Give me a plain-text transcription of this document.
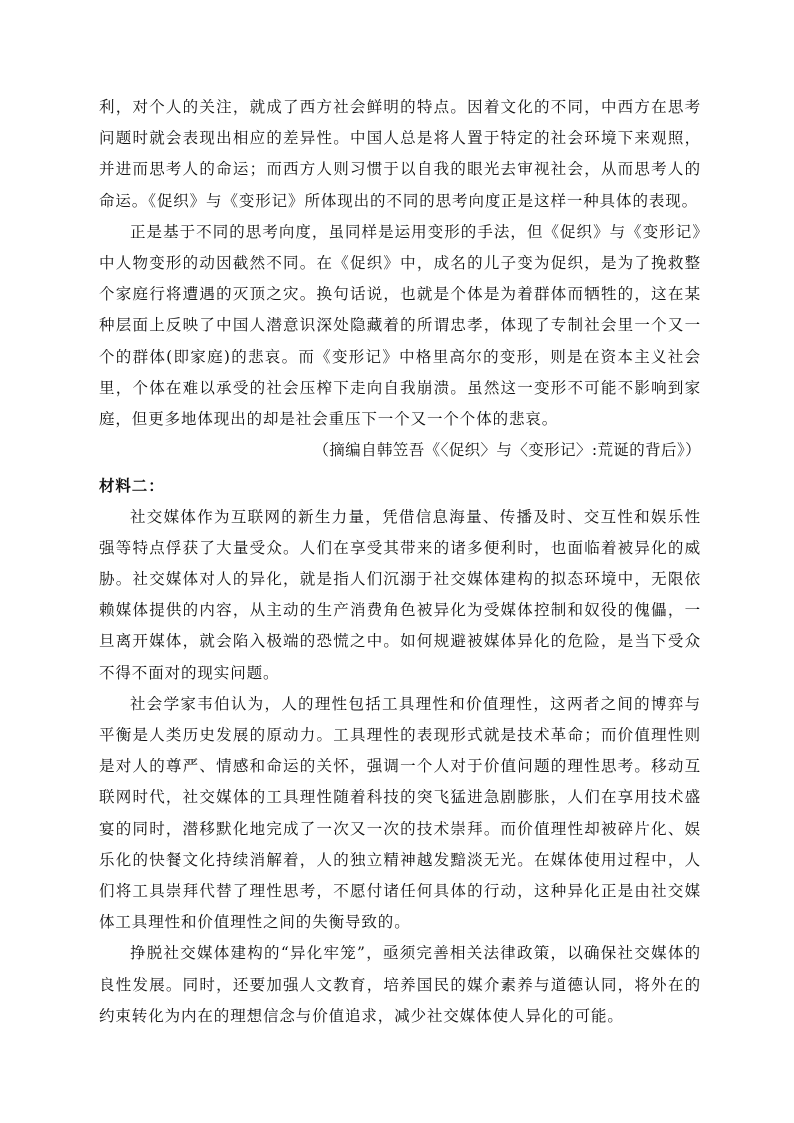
利，对个人的关注，就成了西方社会鲜明的特点。因着文化的不同，中西方在思考问题时就会表现出相应的差异性。中国人总是将人置于特定的社会环境下来观照，并进而思考人的命运；而西方人则习惯于以自我的眼光去审视社会，从而思考人的命运。《促织》与《变形记》所体现出的不同的思考向度正是这样一种具体的表现。

正是基于不同的思考向度，虽同样是运用变形的手法，但《促织》与《变形记》中人物变形的动因截然不同。在《促织》中，成名的儿子变为促织，是为了挽救整个家庭行将遭遇的灭顶之灾。换句话说，也就是个体是为着群体而牺牲的，这在某种层面上反映了中国人潜意识深处隐藏着的所谓忠孝，体现了专制社会里一个又一个的群体(即家庭)的悲哀。而《变形记》中格里高尔的变形，则是在资本主义社会里，个体在难以承受的社会压榨下走向自我崩溃。虽然这一变形不可能不影响到家庭，但更多地体现出的却是社会重压下一个又一个个体的悲哀。

（摘编自韩笠吾《〈促织〉与〈变形记〉:荒诞的背后》）

材料二：

社交媒体作为互联网的新生力量，凭借信息海量、传播及时、交互性和娱乐性强等特点俘获了大量受众。人们在享受其带来的诸多便利时，也面临着被异化的威胁。社交媒体对人的异化，就是指人们沉溺于社交媒体建构的拟态环境中，无限依赖媒体提供的内容，从主动的生产消费角色被异化为受媒体控制和奴役的傀儡，一旦离开媒体，就会陷入极端的恐慌之中。如何规避被媒体异化的危险，是当下受众不得不面对的现实问题。

社会学家韦伯认为，人的理性包括工具理性和价值理性，这两者之间的博弈与平衡是人类历史发展的原动力。工具理性的表现形式就是技术革命；而价值理性则是对人的尊严、情感和命运的关怀，强调一个人对于价值问题的理性思考。移动互联网时代，社交媒体的工具理性随着科技的突飞猛进急剧膨胀，人们在享用技术盛宴的同时，潜移默化地完成了一次又一次的技术崇拜。而价值理性却被碎片化、娱乐化的快餐文化持续消解着，人的独立精神越发黯淡无光。在媒体使用过程中，人们将工具崇拜代替了理性思考，不愿付诸任何具体的行动，这种异化正是由社交媒体工具理性和价值理性之间的失衡导致的。

挣脱社交媒体建构的“异化牢笼”，亟须完善相关法律政策，以确保社交媒体的良性发展。同时，还要加强人文教育，培养国民的媒介素养与道德认同，将外在的约束转化为内在的理想信念与价值追求，减少社交媒体使人异化的可能。
